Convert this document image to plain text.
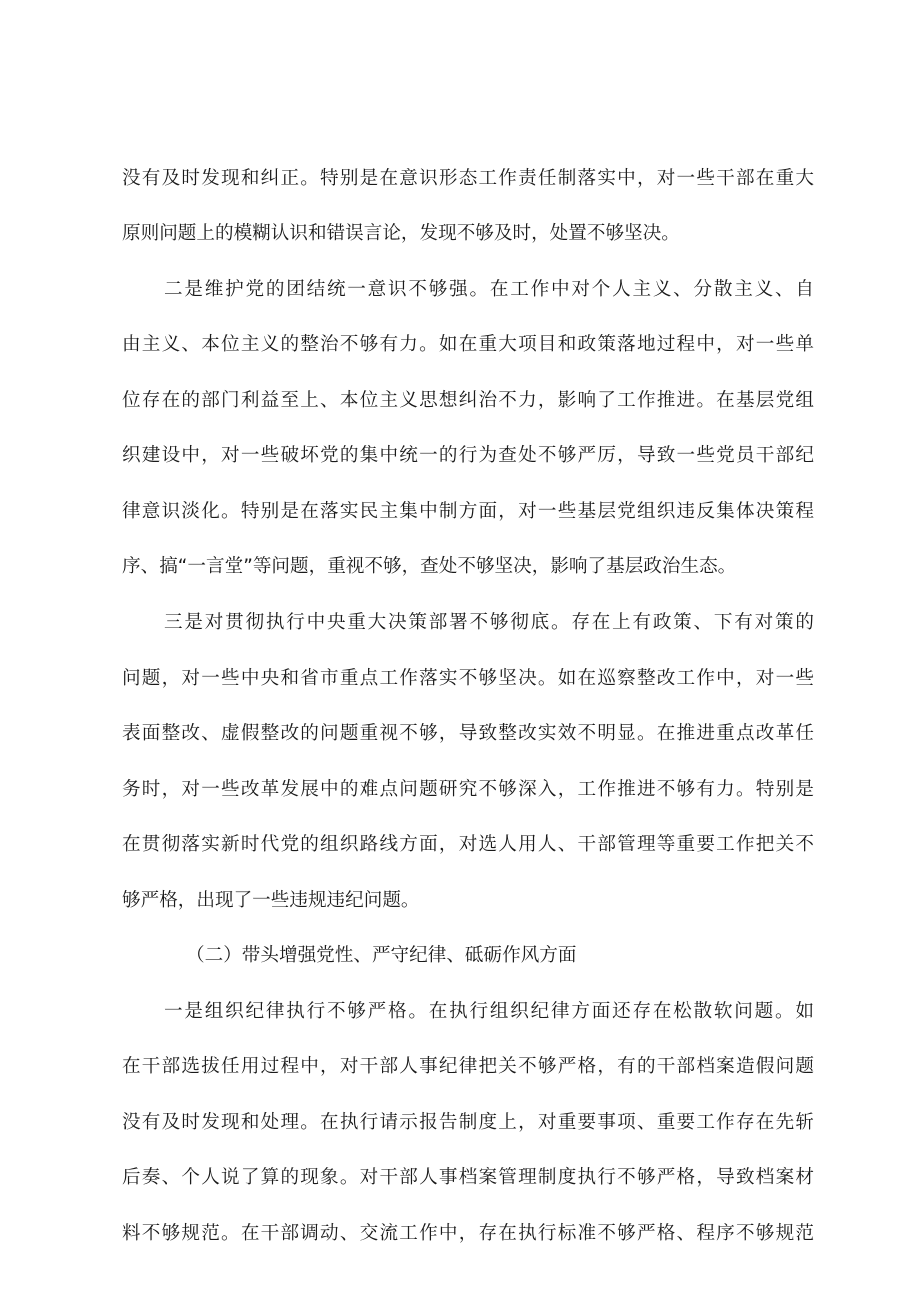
没有及时发现和纠正。特别是在意识形态工作责任制落实中，对一些干部在重大
原则问题上的模糊认识和错误言论，发现不够及时，处置不够坚决。
二是维护党的团结统一意识不够强。在工作中对个人主义、分散主义、自
由主义、本位主义的整治不够有力。如在重大项目和政策落地过程中，对一些单
位存在的部门利益至上、本位主义思想纠治不力，影响了工作推进。在基层党组
织建设中，对一些破坏党的集中统一的行为查处不够严厉，导致一些党员干部纪
律意识淡化。特别是在落实民主集中制方面，对一些基层党组织违反集体决策程
序、搞“一言堂”等问题，重视不够，查处不够坚决，影响了基层政治生态。
三是对贯彻执行中央重大决策部署不够彻底。存在上有政策、下有对策的
问题，对一些中央和省市重点工作落实不够坚决。如在巡察整改工作中，对一些
表面整改、虚假整改的问题重视不够，导致整改实效不明显。在推进重点改革任
务时，对一些改革发展中的难点问题研究不够深入，工作推进不够有力。特别是
在贯彻落实新时代党的组织路线方面，对选人用人、干部管理等重要工作把关不
够严格，出现了一些违规违纪问题。
（二）带头增强党性、严守纪律、砥砺作风方面
一是组织纪律执行不够严格。在执行组织纪律方面还存在松散软问题。如
在干部选拔任用过程中，对干部人事纪律把关不够严格，有的干部档案造假问题
没有及时发现和处理。在执行请示报告制度上，对重要事项、重要工作存在先斩
后奏、个人说了算的现象。对干部人事档案管理制度执行不够严格，导致档案材
料不够规范。在干部调动、交流工作中，存在执行标准不够严格、程序不够规范
